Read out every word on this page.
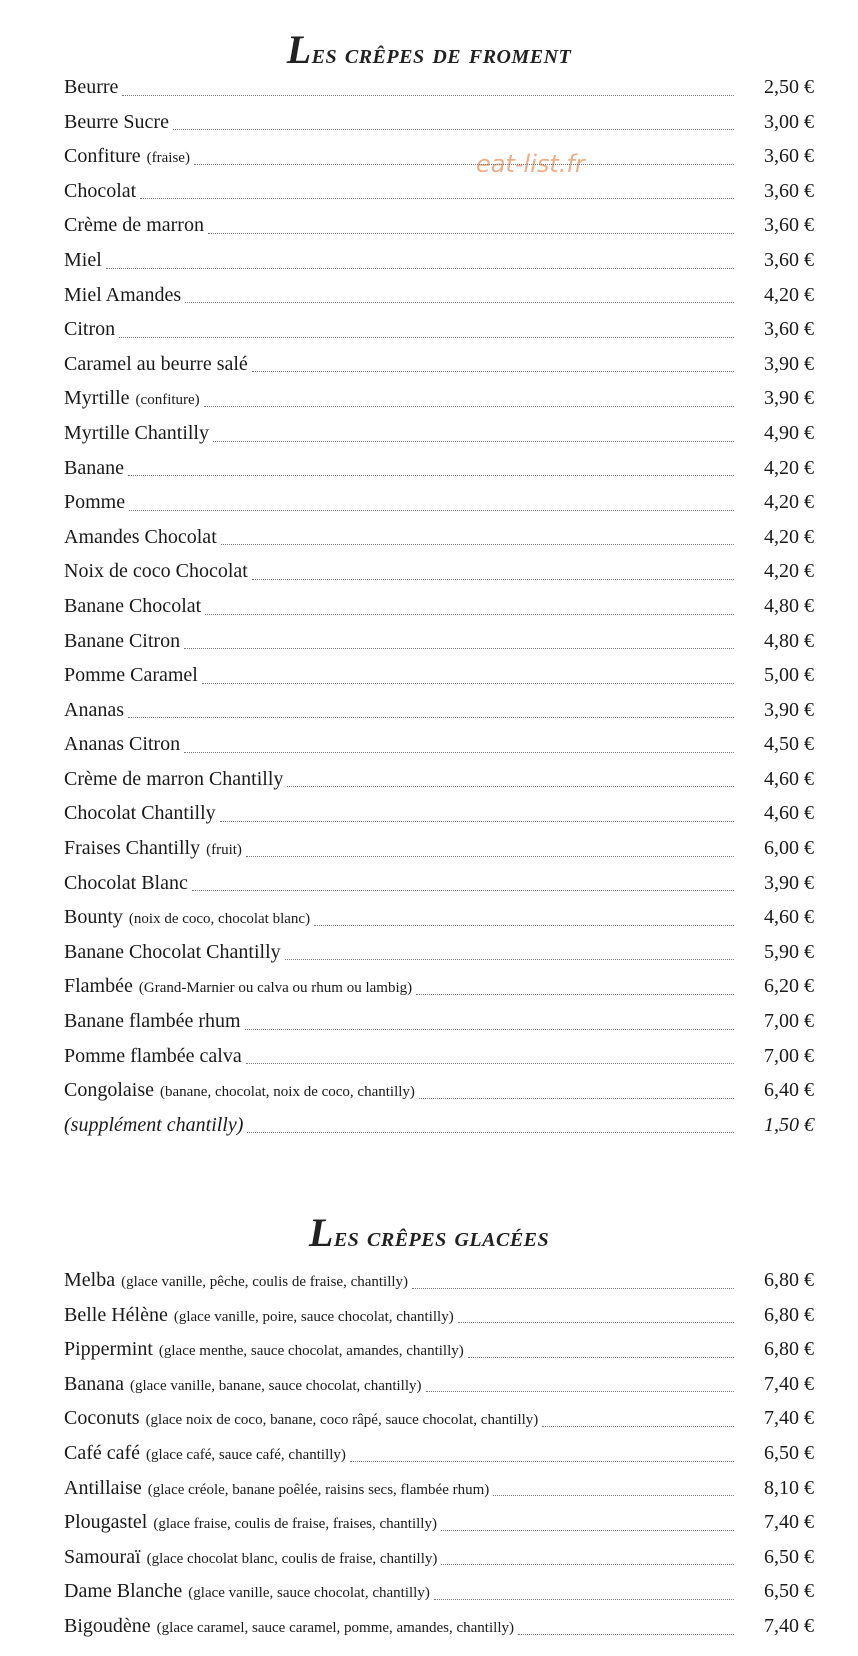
eat-list.fr
Les crêpes de froment
Beurre	2,50 €
Beurre Sucre	3,00 €
Confiture (fraise)	3,60 €
Chocolat	3,60 €
Crème de marron	3,60 €
Miel	3,60 €
Miel Amandes	4,20 €
Citron	3,60 €
Caramel au beurre salé	3,90 €
Myrtille (confiture)	3,90 €
Myrtille Chantilly	4,90 €
Banane	4,20 €
Pomme	4,20 €
Amandes Chocolat	4,20 €
Noix de coco Chocolat	4,20 €
Banane Chocolat	4,80 €
Banane Citron	4,80 €
Pomme Caramel	5,00 €
Ananas	3,90 €
Ananas Citron	4,50 €
Crème de marron Chantilly	4,60 €
Chocolat Chantilly	4,60 €
Fraises Chantilly (fruit)	6,00 €
Chocolat Blanc	3,90 €
Bounty (noix de coco, chocolat blanc)	4,60 €
Banane Chocolat Chantilly	5,90 €
Flambée (Grand-Marnier ou calva ou rhum ou lambig)	6,20 €
Banane flambée rhum	7,00 €
Pomme flambée calva	7,00 €
Congolaise (banane, chocolat, noix de coco, chantilly)	6,40 €
(supplément chantilly)	1,50 €
Les crêpes glacées
Melba (glace vanille, pêche, coulis de fraise, chantilly)	6,80 €
Belle Hélène (glace vanille, poire, sauce chocolat, chantilly)	6,80 €
Pippermint (glace menthe, sauce chocolat, amandes, chantilly)	6,80 €
Banana (glace vanille, banane, sauce chocolat, chantilly)	7,40 €
Coconuts (glace noix de coco, banane, coco râpé, sauce chocolat, chantilly)	7,40 €
Café café (glace café, sauce café, chantilly)	6,50 €
Antillaise (glace créole, banane poêlée, raisins secs, flambée rhum)	8,10 €
Plougastel (glace fraise, coulis de fraise, fraises, chantilly)	7,40 €
Samouraï (glace chocolat blanc, coulis de fraise, chantilly)	6,50 €
Dame Blanche (glace vanille, sauce chocolat, chantilly)	6,50 €
Bigoudène (glace caramel, sauce caramel, pomme, amandes, chantilly)	7,40 €
